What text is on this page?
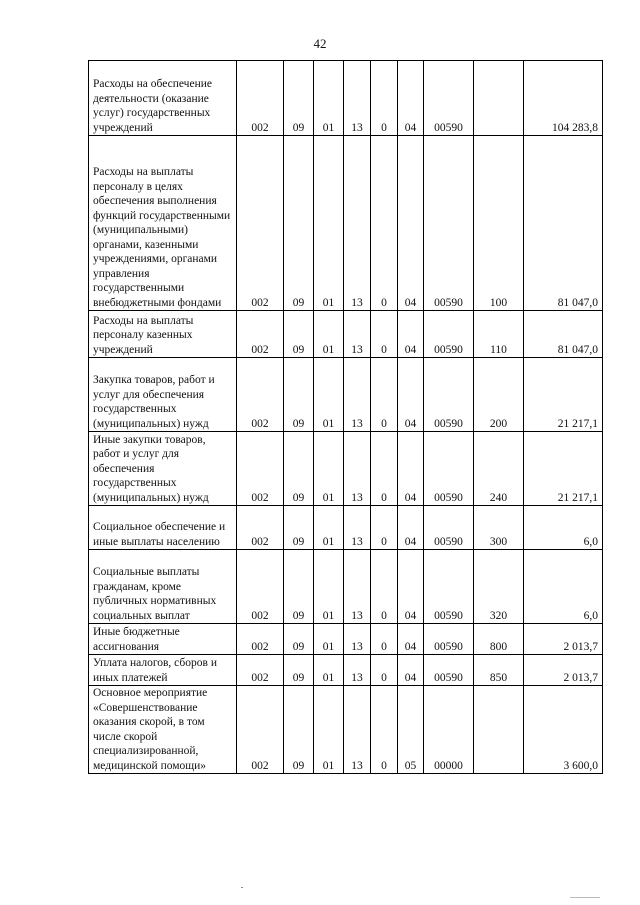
42
Расходы на обеспечение деятельности (оказание услуг) государственных учреждений	002	09	01	13	0	04	00590		104 283,8
Расходы на выплаты персоналу в целях обеспечения выполнения функций государственными (муниципальными) органами, казенными учреждениями, органами управления государственными внебюджетными фондами	002	09	01	13	0	04	00590	100	81 047,0
Расходы на выплаты персоналу казенных учреждений	002	09	01	13	0	04	00590	110	81 047,0
Закупка товаров, работ и услуг для обеспечения государственных (муниципальных) нужд	002	09	01	13	0	04	00590	200	21 217,1
Иные закупки товаров, работ и услуг для обеспечения государственных (муниципальных) нужд	002	09	01	13	0	04	00590	240	21 217,1
Социальное обеспечение и иные выплаты населению	002	09	01	13	0	04	00590	300	6,0
Социальные выплаты гражданам, кроме публичных нормативных социальных выплат	002	09	01	13	0	04	00590	320	6,0
Иные бюджетные ассигнования	002	09	01	13	0	04	00590	800	2 013,7
Уплата налогов, сборов и иных платежей	002	09	01	13	0	04	00590	850	2 013,7
Основное мероприятие «Совершенствование оказания скорой, в том числе скорой специализированной, медицинской помощи»	002	09	01	13	0	05	00000		3 600,0
